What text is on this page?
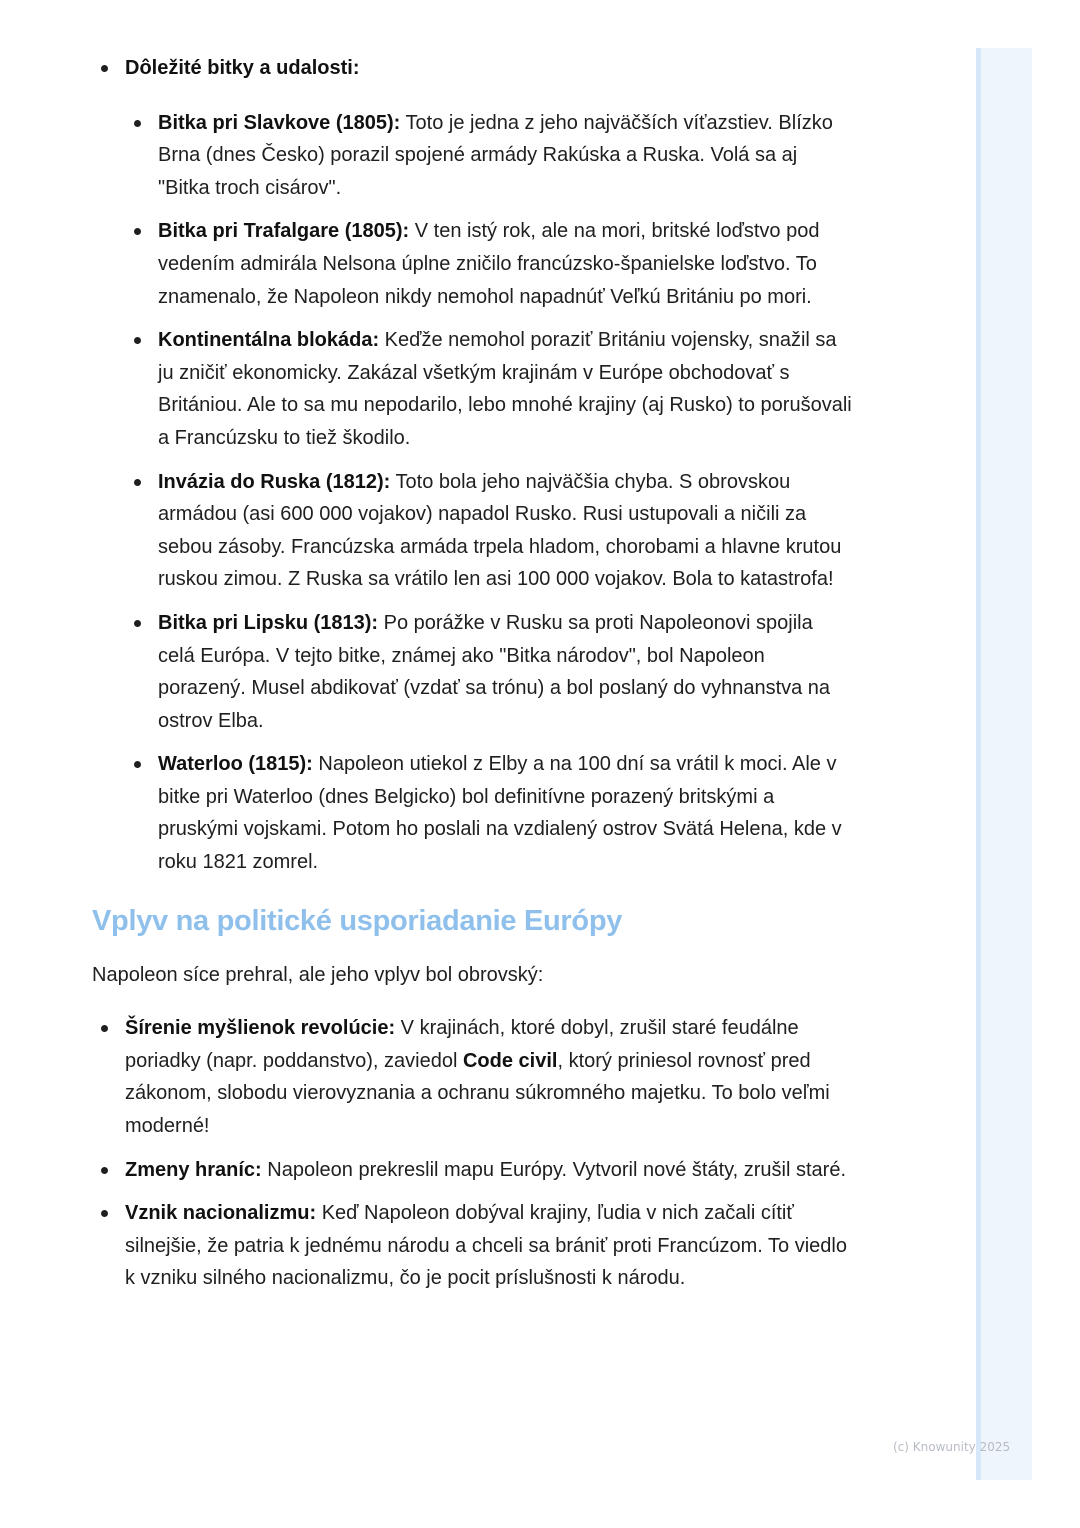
Dôležité bitky a udalosti:
Bitka pri Slavkove (1805): Toto je jedna z jeho najväčších víťazstiev. Blízko Brna (dnes Česko) porazil spojené armády Rakúska a Ruska. Volá sa aj "Bitka troch cisárov".
Bitka pri Trafalgare (1805): V ten istý rok, ale na mori, britské loďstvo pod vedením admirála Nelsona úplne zničilo francúzsko-španielske loďstvo. To znamenalo, že Napoleon nikdy nemohol napadnúť Veľkú Britániu po mori.
Kontinentálna blokáda: Keďže nemohol poraziť Britániu vojensky, snažil sa ju zničiť ekonomicky. Zakázal všetkým krajinám v Európe obchodovať s Britániou. Ale to sa mu nepodarilo, lebo mnohé krajiny (aj Rusko) to porušovali a Francúzsku to tiež škodilo.
Invázia do Ruska (1812): Toto bola jeho najväčšia chyba. S obrovskou armádou (asi 600 000 vojakov) napadol Rusko. Rusi ustupovali a ničili za sebou zásoby. Francúzska armáda trpela hladom, chorobami a hlavne krutou ruskou zimou. Z Ruska sa vrátilo len asi 100 000 vojakov. Bola to katastrofa!
Bitka pri Lipsku (1813): Po porážke v Rusku sa proti Napoleonovi spojila celá Európa. V tejto bitke, známej ako "Bitka národov", bol Napoleon porazený. Musel abdikovať (vzdať sa trónu) a bol poslaný do vyhnanstva na ostrov Elba.
Waterloo (1815): Napoleon utiekol z Elby a na 100 dní sa vrátil k moci. Ale v bitke pri Waterloo (dnes Belgicko) bol definitívne porazený britskými a pruskými vojskami. Potom ho poslali na vzdialený ostrov Svätá Helena, kde v roku 1821 zomrel.
Vplyv na politické usporiadanie Európy

Napoleon síce prehral, ale jeho vplyv bol obrovský:

Šírenie myšlienok revolúcie: V krajinách, ktoré dobyl, zrušil staré feudálne poriadky (napr. poddanstvo), zaviedol Code civil, ktorý priniesol rovnosť pred zákonom, slobodu vierovyznania a ochranu súkromného majetku. To bolo veľmi moderné!
Zmeny hraníc: Napoleon prekreslil mapu Európy. Vytvoril nové štáty, zrušil staré.
Vznik nacionalizmu: Keď Napoleon dobýval krajiny, ľudia v nich začali cítiť silnejšie, že patria k jednému národu a chceli sa brániť proti Francúzom. To viedlo k vzniku silného nacionalizmu, čo je pocit príslušnosti k národu.
(c) Knowunity 2025
